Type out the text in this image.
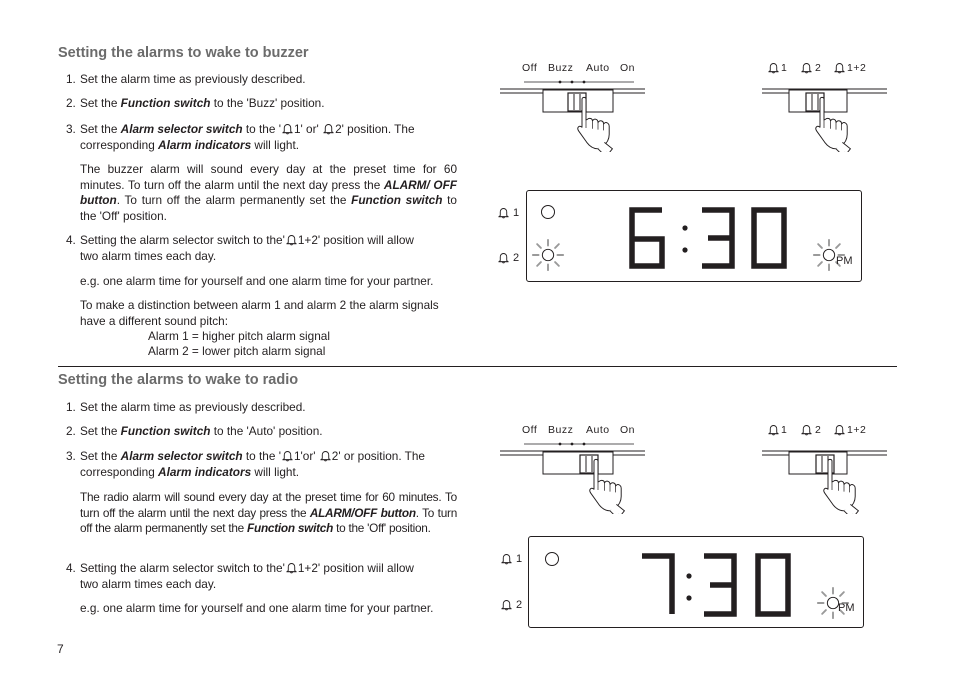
Setting the alarms to wake to buzzer
1. Set the alarm time as previously described.
2. Set the Function switch to the 'Buzz' position.
3. Set the Alarm selector switch to the ' 1' or' 2' position. The
corresponding Alarm indicators will light.
The buzzer alarm will sound every day at the preset time for 60 minutes. To turn off the alarm until the next day press the ALARM/ OFF button. To turn off the alarm permanently set the Function switch to the 'Off' position.
4. Setting the alarm selector switch to the' 1+2' position will allow
two alarm times each day.
e.g. one alarm time for yourself and one alarm time for your partner.
To make a distinction between alarm 1 and alarm 2 the alarm signals have a different sound pitch:
Alarm 1 = higher pitch alarm signal
Alarm 2 = lower pitch alarm signal
Setting the alarms to wake to radio
1. Set the alarm time as previously described.
2. Set the Function switch to the 'Auto' position.
3. Set the Alarm selector switch to the ' 1'or' 2' or position. The
corresponding Alarm indicators will light.
The radio alarm will sound every day at the preset time for 60 minutes. To turn off the alarm until the next day press the ALARM/OFF button. To turn off the alarm permanently set the Function switch to the 'Off' position.
4. Setting the alarm selector switch to the' 1+2' position wiil allow
two alarm times each day.
e.g. one alarm time for yourself and one alarm time for your partner.
7
Off Buzz Auto On	1	2 1+2
1
2	PM
6:30
Off Buzz Auto On	1	2 1+2
1
2	PM
7:30
